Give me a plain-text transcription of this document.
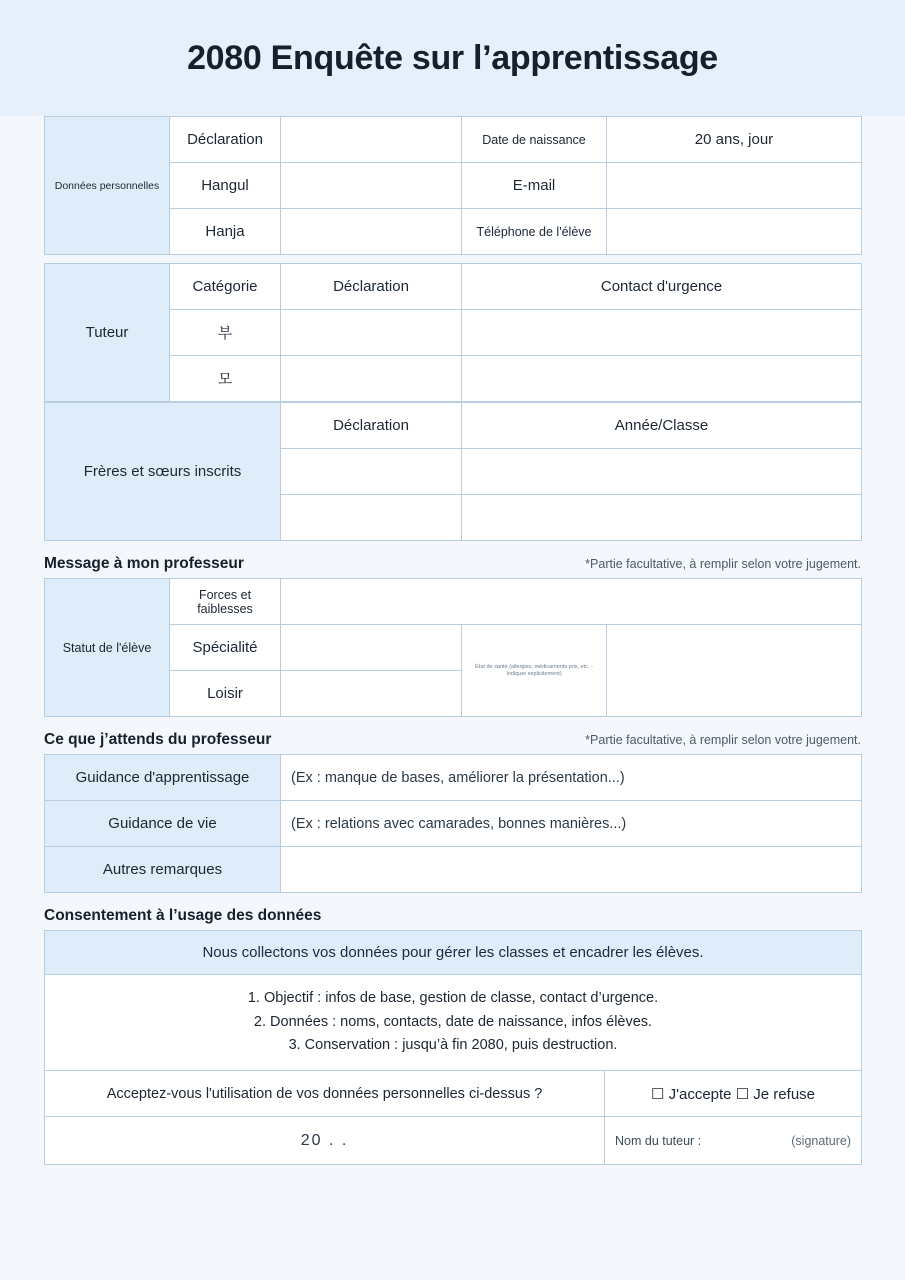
2080 Enquête sur l’apprentissage
Données personnelles	Déclaration		Date de naissance	20 ans, jour
	Hangul		E-mail	
	Hanja		Téléphone de l'élève	
Tuteur	Catégorie	Déclaration	Contact d'urgence
	부		
	모		
Frères et sœurs inscrits	Déclaration	Année/Classe

Message à mon professeur	*Partie facultative, à remplir selon votre jugement.
Statut de l'élève	Forces et faiblesses			
	Spécialité		État de santé (allergies, médicaments pris, etc. - Indiquer explicitement)	
	Loisir			
Ce que j’attends du professeur	*Partie facultative, à remplir selon votre jugement.
Guidance d'apprentissage	(Ex : manque de bases, améliorer la présentation...)
Guidance de vie	(Ex : relations avec camarades, bonnes manières...)
Autres remarques	
Consentement à l’usage des données
Nous collectons vos données pour gérer les classes et encadrer les élèves.	

1. Objectif : infos de base, gestion de classe, contact d’urgence.
2. Données : noms, contacts, date de naissance, infos élèves.
3. Conservation : jusqu’à fin 2080, puis destruction.	

Acceptez-vous l'utilisation de vos données personnelles ci-dessus ?	☐ J'accepte ☐ Je refuse
20 . .	Nom du tuteur : (signature)
